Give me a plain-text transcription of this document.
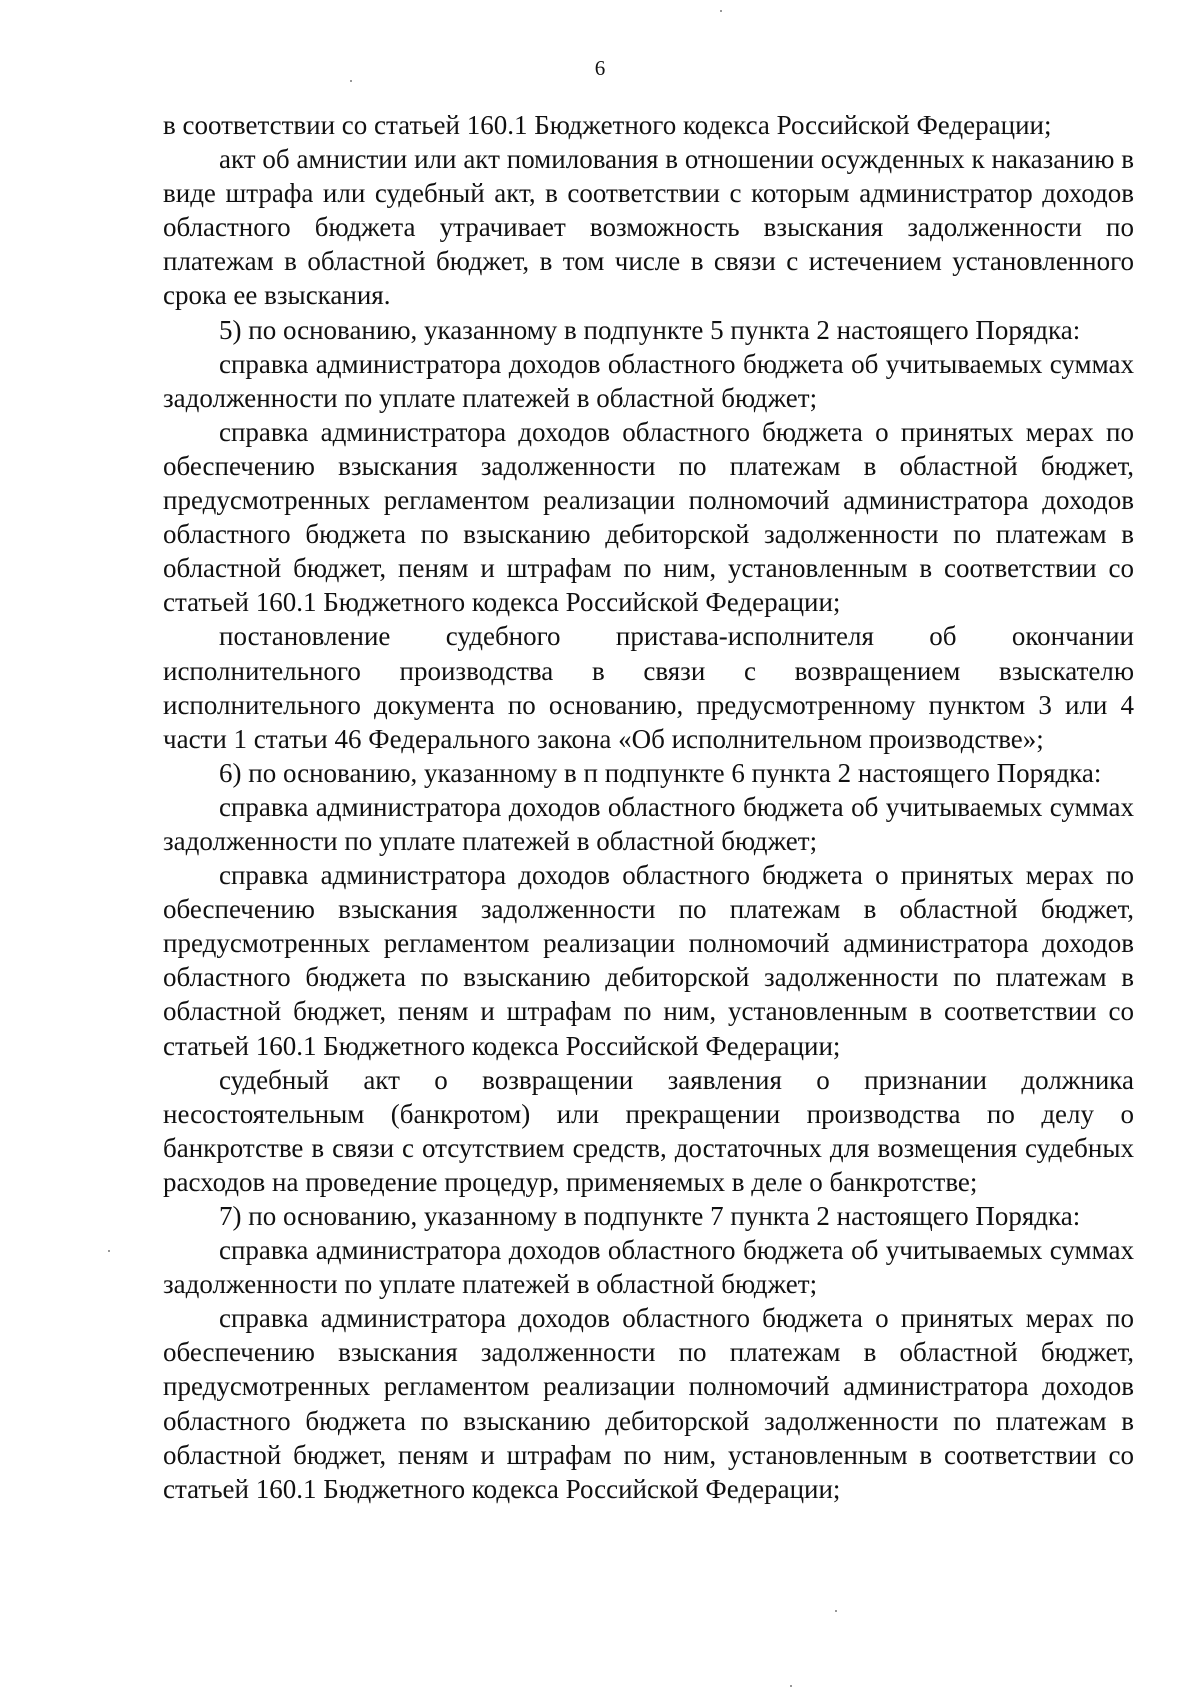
6

в соответствии со статьей 160.1 Бюджетного кодекса Российской Федерации;

акт об амнистии или акт помилования в отношении осужденных к наказанию в виде штрафа или судебный акт, в соответствии с которым администратор доходов областного бюджета утрачивает возможность взыскания задолженности по платежам в областной бюджет, в том числе в связи с истечением установленного срока ее взыскания.

5) по основанию, указанному в подпункте 5 пункта 2 настоящего Порядка:

справка администратора доходов областного бюджета об учитываемых суммах задолженности по уплате платежей в областной бюджет;

справка администратора доходов областного бюджета о принятых мерах по обеспечению взыскания задолженности по платежам в областной бюджет, предусмотренных регламентом реализации полномочий администратора доходов областного бюджета по взысканию дебиторской задолженности по платежам в областной бюджет, пеням и штрафам по ним, установленным в соответствии со статьей 160.1 Бюджетного кодекса Российской Федерации;

постановление судебного пристава-исполнителя об окончании исполнительного производства в связи с возвращением взыскателю исполнительного документа по основанию, предусмотренному пунктом 3 или 4 части 1 статьи 46 Федерального закона «Об исполнительном производстве»;

6) по основанию, указанному в п подпункте 6 пункта 2 настоящего Порядка:

справка администратора доходов областного бюджета об учитываемых суммах задолженности по уплате платежей в областной бюджет;

справка администратора доходов областного бюджета о принятых мерах по обеспечению взыскания задолженности по платежам в областной бюджет, предусмотренных регламентом реализации полномочий администратора доходов областного бюджета по взысканию дебиторской задолженности по платежам в областной бюджет, пеням и штрафам по ним, установленным в соответствии со статьей 160.1 Бюджетного кодекса Российской Федерации;

судебный акт о возвращении заявления о признании должника несостоятельным (банкротом) или прекращении производства по делу о банкротстве в связи с отсутствием средств, достаточных для возмещения судебных расходов на проведение процедур, применяемых в деле о банкротстве;

7) по основанию, указанному в подпункте 7 пункта 2 настоящего Порядка:

справка администратора доходов областного бюджета об учитываемых суммах задолженности по уплате платежей в областной бюджет;

справка администратора доходов областного бюджета о принятых мерах по обеспечению взыскания задолженности по платежам в областной бюджет, предусмотренных регламентом реализации полномочий администратора доходов областного бюджета по взысканию дебиторской задолженности по платежам в областной бюджет, пеням и штрафам по ним, установленным в соответствии со статьей 160.1 Бюджетного кодекса Российской Федерации;
